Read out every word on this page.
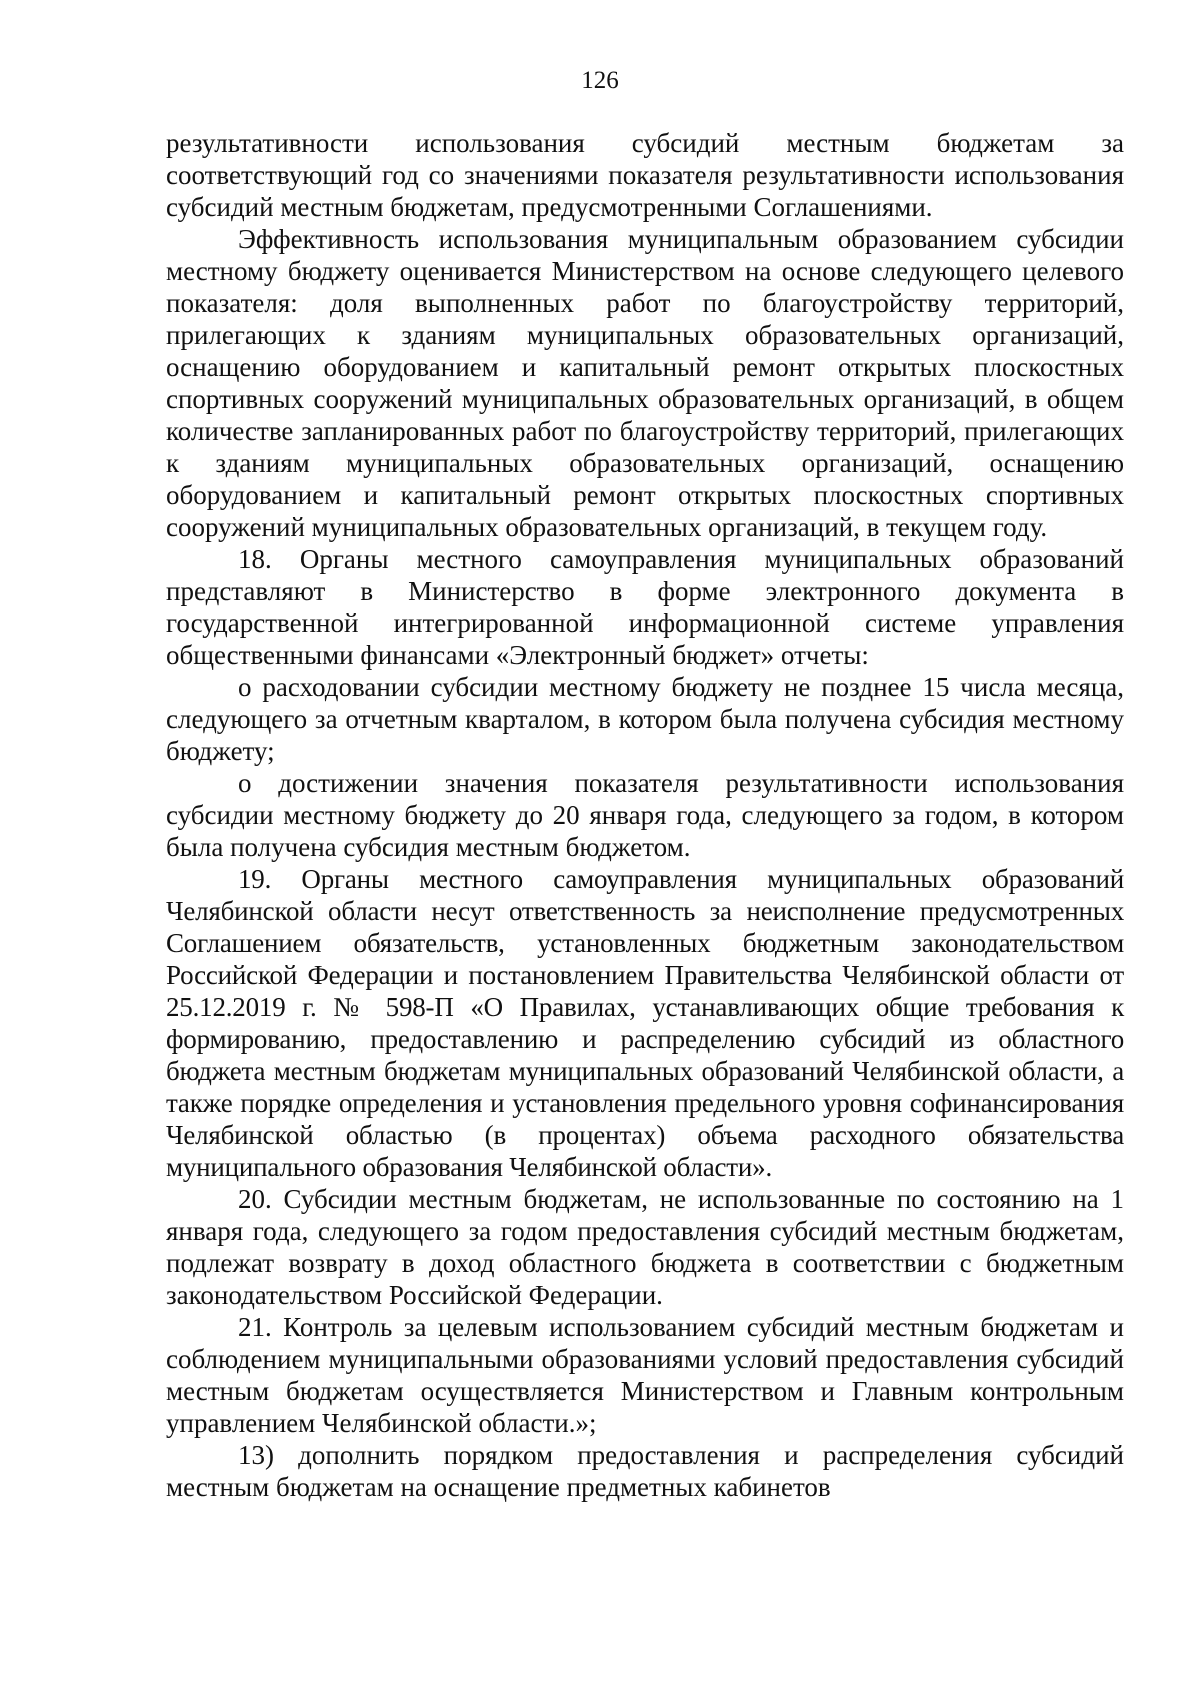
126

результативности использования субсидий местным бюджетам за соответствующий год со значениями показателя результативности использования субсидий местным бюджетам, предусмотренными Соглашениями.

Эффективность использования муниципальным образованием субсидии местному бюджету оценивается Министерством на основе следующего целевого показателя: доля выполненных работ по благоустройству территорий, прилегающих к зданиям муниципальных образовательных организаций, оснащению оборудованием и капитальный ремонт открытых плоскостных спортивных сооружений муниципальных образовательных организаций, в общем количестве запланированных работ по благоустройству территорий, прилегающих к зданиям муниципальных образовательных организаций, оснащению оборудованием и капитальный ремонт открытых плоскостных спортивных сооружений муниципальных образовательных организаций, в текущем году.

18. Органы местного самоуправления муниципальных образований представляют в Министерство в форме электронного документа в государственной интегрированной информационной системе управления общественными финансами «Электронный бюджет» отчеты:

о расходовании субсидии местному бюджету не позднее 15 числа месяца, следующего за отчетным кварталом, в котором была получена субсидия местному бюджету;

о достижении значения показателя результативности использования субсидии местному бюджету до 20 января года, следующего за годом, в котором была получена субсидия местным бюджетом.

19. Органы местного самоуправления муниципальных образований Челябинской области несут ответственность за неисполнение предусмотренных Соглашением обязательств, установленных бюджетным законодательством Российской Федерации и постановлением Правительства Челябинской области от 25.12.2019 г. № 598-П «О Правилах, устанавливающих общие требования к формированию, предоставлению и распределению субсидий из областного бюджета местным бюджетам муниципальных образований Челябинской области, а также порядке определения и установления предельного уровня софинансирования Челябинской областью (в процентах) объема расходного обязательства муниципального образования Челябинской области».

20. Субсидии местным бюджетам, не использованные по состоянию на 1 января года, следующего за годом предоставления субсидий местным бюджетам, подлежат возврату в доход областного бюджета в соответствии с бюджетным законодательством Российской Федерации.

21. Контроль за целевым использованием субсидий местным бюджетам и соблюдением муниципальными образованиями условий предоставления субсидий местным бюджетам осуществляется Министерством и Главным контрольным управлением Челябинской области.»;

13) дополнить порядком предоставления и распределения субсидий местным бюджетам на оснащение предметных кабинетов
